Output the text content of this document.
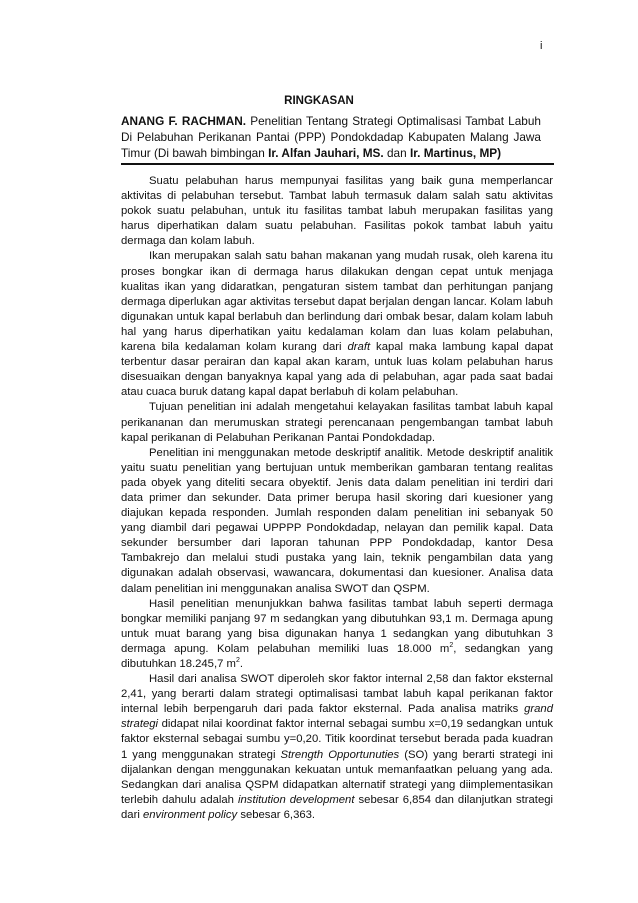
i
RINGKASAN
ANANG F. RACHMAN. Penelitian Tentang Strategi Optimalisasi Tambat Labuh Di Pelabuhan Perikanan Pantai (PPP) Pondokdadap Kabupaten Malang Jawa Timur (Di bawah bimbingan Ir. Alfan Jauhari, MS. dan Ir. Martinus, MP)

Suatu pelabuhan harus mempunyai fasilitas yang baik guna memperlancar aktivitas di pelabuhan tersebut. Tambat labuh termasuk dalam salah satu aktivitas pokok suatu pelabuhan, untuk itu fasilitas tambat labuh merupakan fasilitas yang harus diperhatikan dalam suatu pelabuhan. Fasilitas pokok tambat labuh yaitu dermaga dan kolam labuh.

Ikan merupakan salah satu bahan makanan yang mudah rusak, oleh karena itu proses bongkar ikan di dermaga harus dilakukan dengan cepat untuk menjaga kualitas ikan yang didaratkan, pengaturan sistem tambat dan perhitungan panjang dermaga diperlukan agar aktivitas tersebut dapat berjalan dengan lancar. Kolam labuh digunakan untuk kapal berlabuh dan berlindung dari ombak besar, dalam kolam labuh hal yang harus diperhatikan yaitu kedalaman kolam dan luas kolam pelabuhan, karena bila kedalaman kolam kurang dari draft kapal maka lambung kapal dapat terbentur dasar perairan dan kapal akan karam, untuk luas kolam pelabuhan harus disesuaikan dengan banyaknya kapal yang ada di pelabuhan, agar pada saat badai atau cuaca buruk datang kapal dapat berlabuh di kolam pelabuhan.

Tujuan penelitian ini adalah mengetahui kelayakan fasilitas tambat labuh kapal perikananan dan merumuskan strategi perencanaan pengembangan tambat labuh kapal perikanan di Pelabuhan Perikanan Pantai Pondokdadap.

Penelitian ini menggunakan metode deskriptif analitik. Metode deskriptif analitik yaitu suatu penelitian yang bertujuan untuk memberikan gambaran tentang realitas pada obyek yang diteliti secara obyektif. Jenis data dalam penelitian ini terdiri dari data primer dan sekunder. Data primer berupa hasil skoring dari kuesioner yang diajukan kepada responden. Jumlah responden dalam penelitian ini sebanyak 50 yang diambil dari pegawai UPPPP Pondokdadap, nelayan dan pemilik kapal. Data sekunder bersumber dari laporan tahunan PPP Pondokdadap, kantor Desa Tambakrejo dan melalui studi pustaka yang lain, teknik pengambilan data yang digunakan adalah observasi, wawancara, dokumentasi dan kuesioner. Analisa data dalam penelitian ini menggunakan analisa SWOT dan QSPM.

Hasil penelitian menunjukkan bahwa fasilitas tambat labuh seperti dermaga bongkar memiliki panjang 97 m sedangkan yang dibutuhkan 93,1 m. Dermaga apung untuk muat barang yang bisa digunakan hanya 1 sedangkan yang dibutuhkan 3 dermaga apung. Kolam pelabuhan memiliki luas 18.000 $m^2$, sedangkan yang dibutuhkan 18.245,7 $m^2$.

Hasil dari analisa SWOT diperoleh skor faktor internal 2,58 dan faktor eksternal 2,41, yang berarti dalam strategi optimalisasi tambat labuh kapal perikanan faktor internal lebih berpengaruh dari pada faktor eksternal. Pada analisa matriks grand strategi didapat nilai koordinat faktor internal sebagai sumbu x=0,19 sedangkan untuk faktor eksternal sebagai sumbu y=0,20. Titik koordinat tersebut berada pada kuadran 1 yang menggunakan strategi Strength Opportunuties (SO) yang berarti strategi ini dijalankan dengan menggunakan kekuatan untuk memanfaatkan peluang yang ada. Sedangkan dari analisa QSPM didapatkan alternatif strategi yang diimplementasikan terlebih dahulu adalah institution development sebesar 6,854 dan dilanjutkan strategi dari environment policy sebesar 6,363.
